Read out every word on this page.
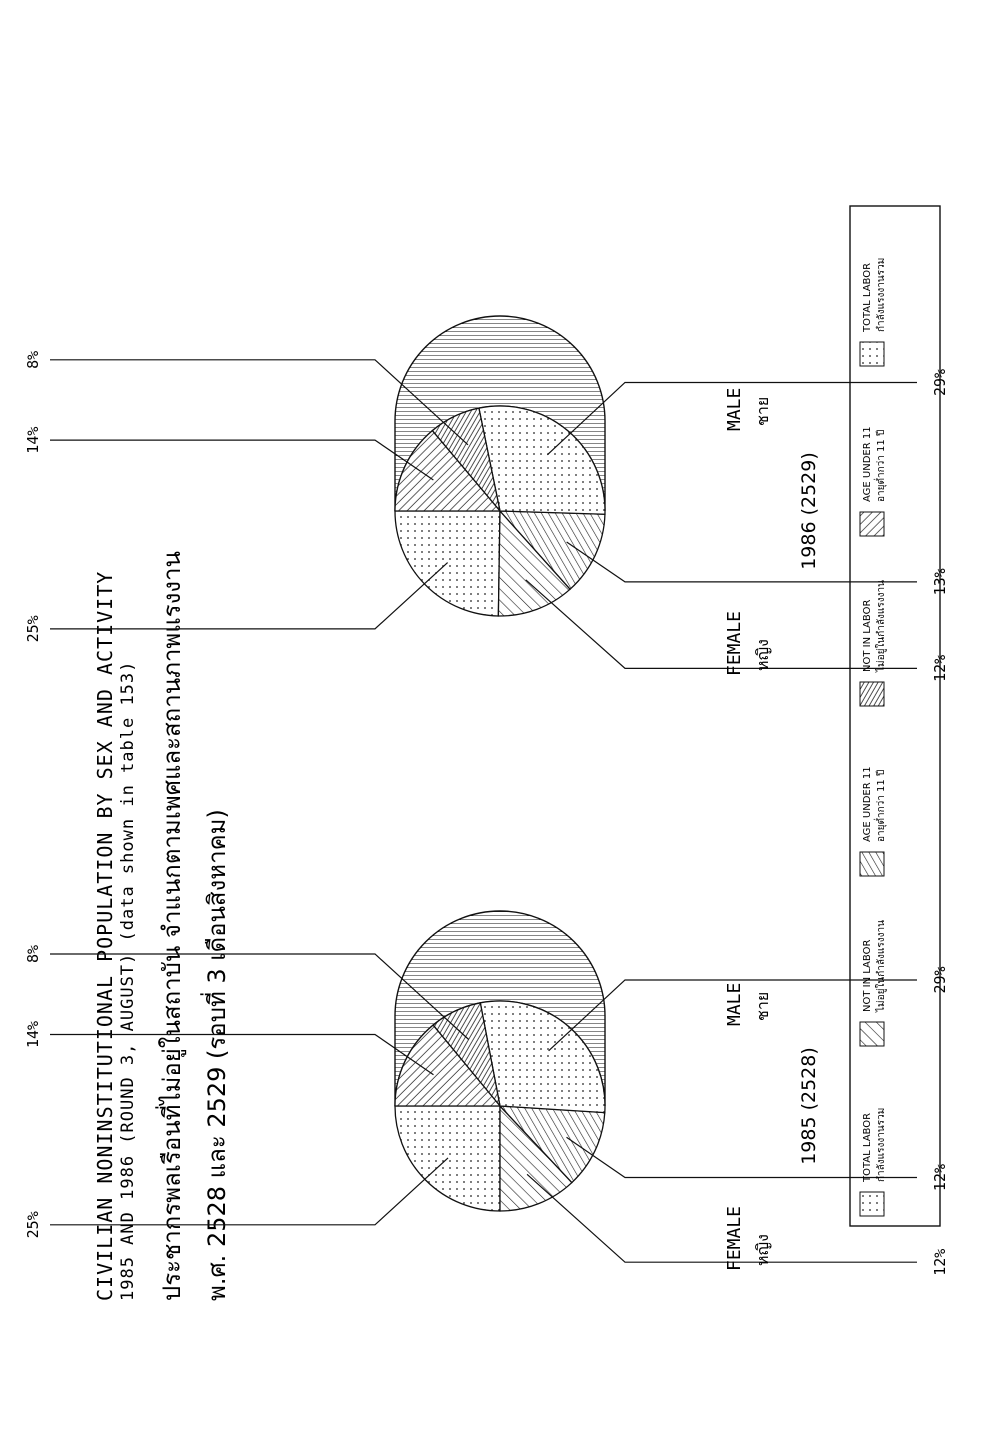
CIVILIAN NONINSTITUTIONAL POPULATION BY SEX AND ACTIVITY 1985 AND 1986 (ROUND 3, AUGUST) (data shown in table 153) ประชากรพลเรือนที่ไม่อยู่ในสถาบัน จำแนกตามเพศและสถานภาพแรงงาน พ.ศ. 2528 และ 2529 (รอบที่ 3 เดือนสิงหาคม)
25%
12%
12%
29%
8%
14%
FEMALE หญิง
MALE ชาย
1985 (2528)
25%
12%
13%
29%
8%
14%
FEMALE หญิง
MALE ชาย
1986 (2529)
TOTAL LABOR กำลังแรงงานรวม
NOT IN LABOR ไม่อยู่ในกำลังแรงงาน
AGE UNDER 11 อายุต่ำกว่า 11 ปี
NOT IN LABOR ไม่อยู่ในกำลังแรงงาน
AGE UNDER 11 อายุต่ำกว่า 11 ปี
TOTAL LABOR กำลังแรงงานรวม
